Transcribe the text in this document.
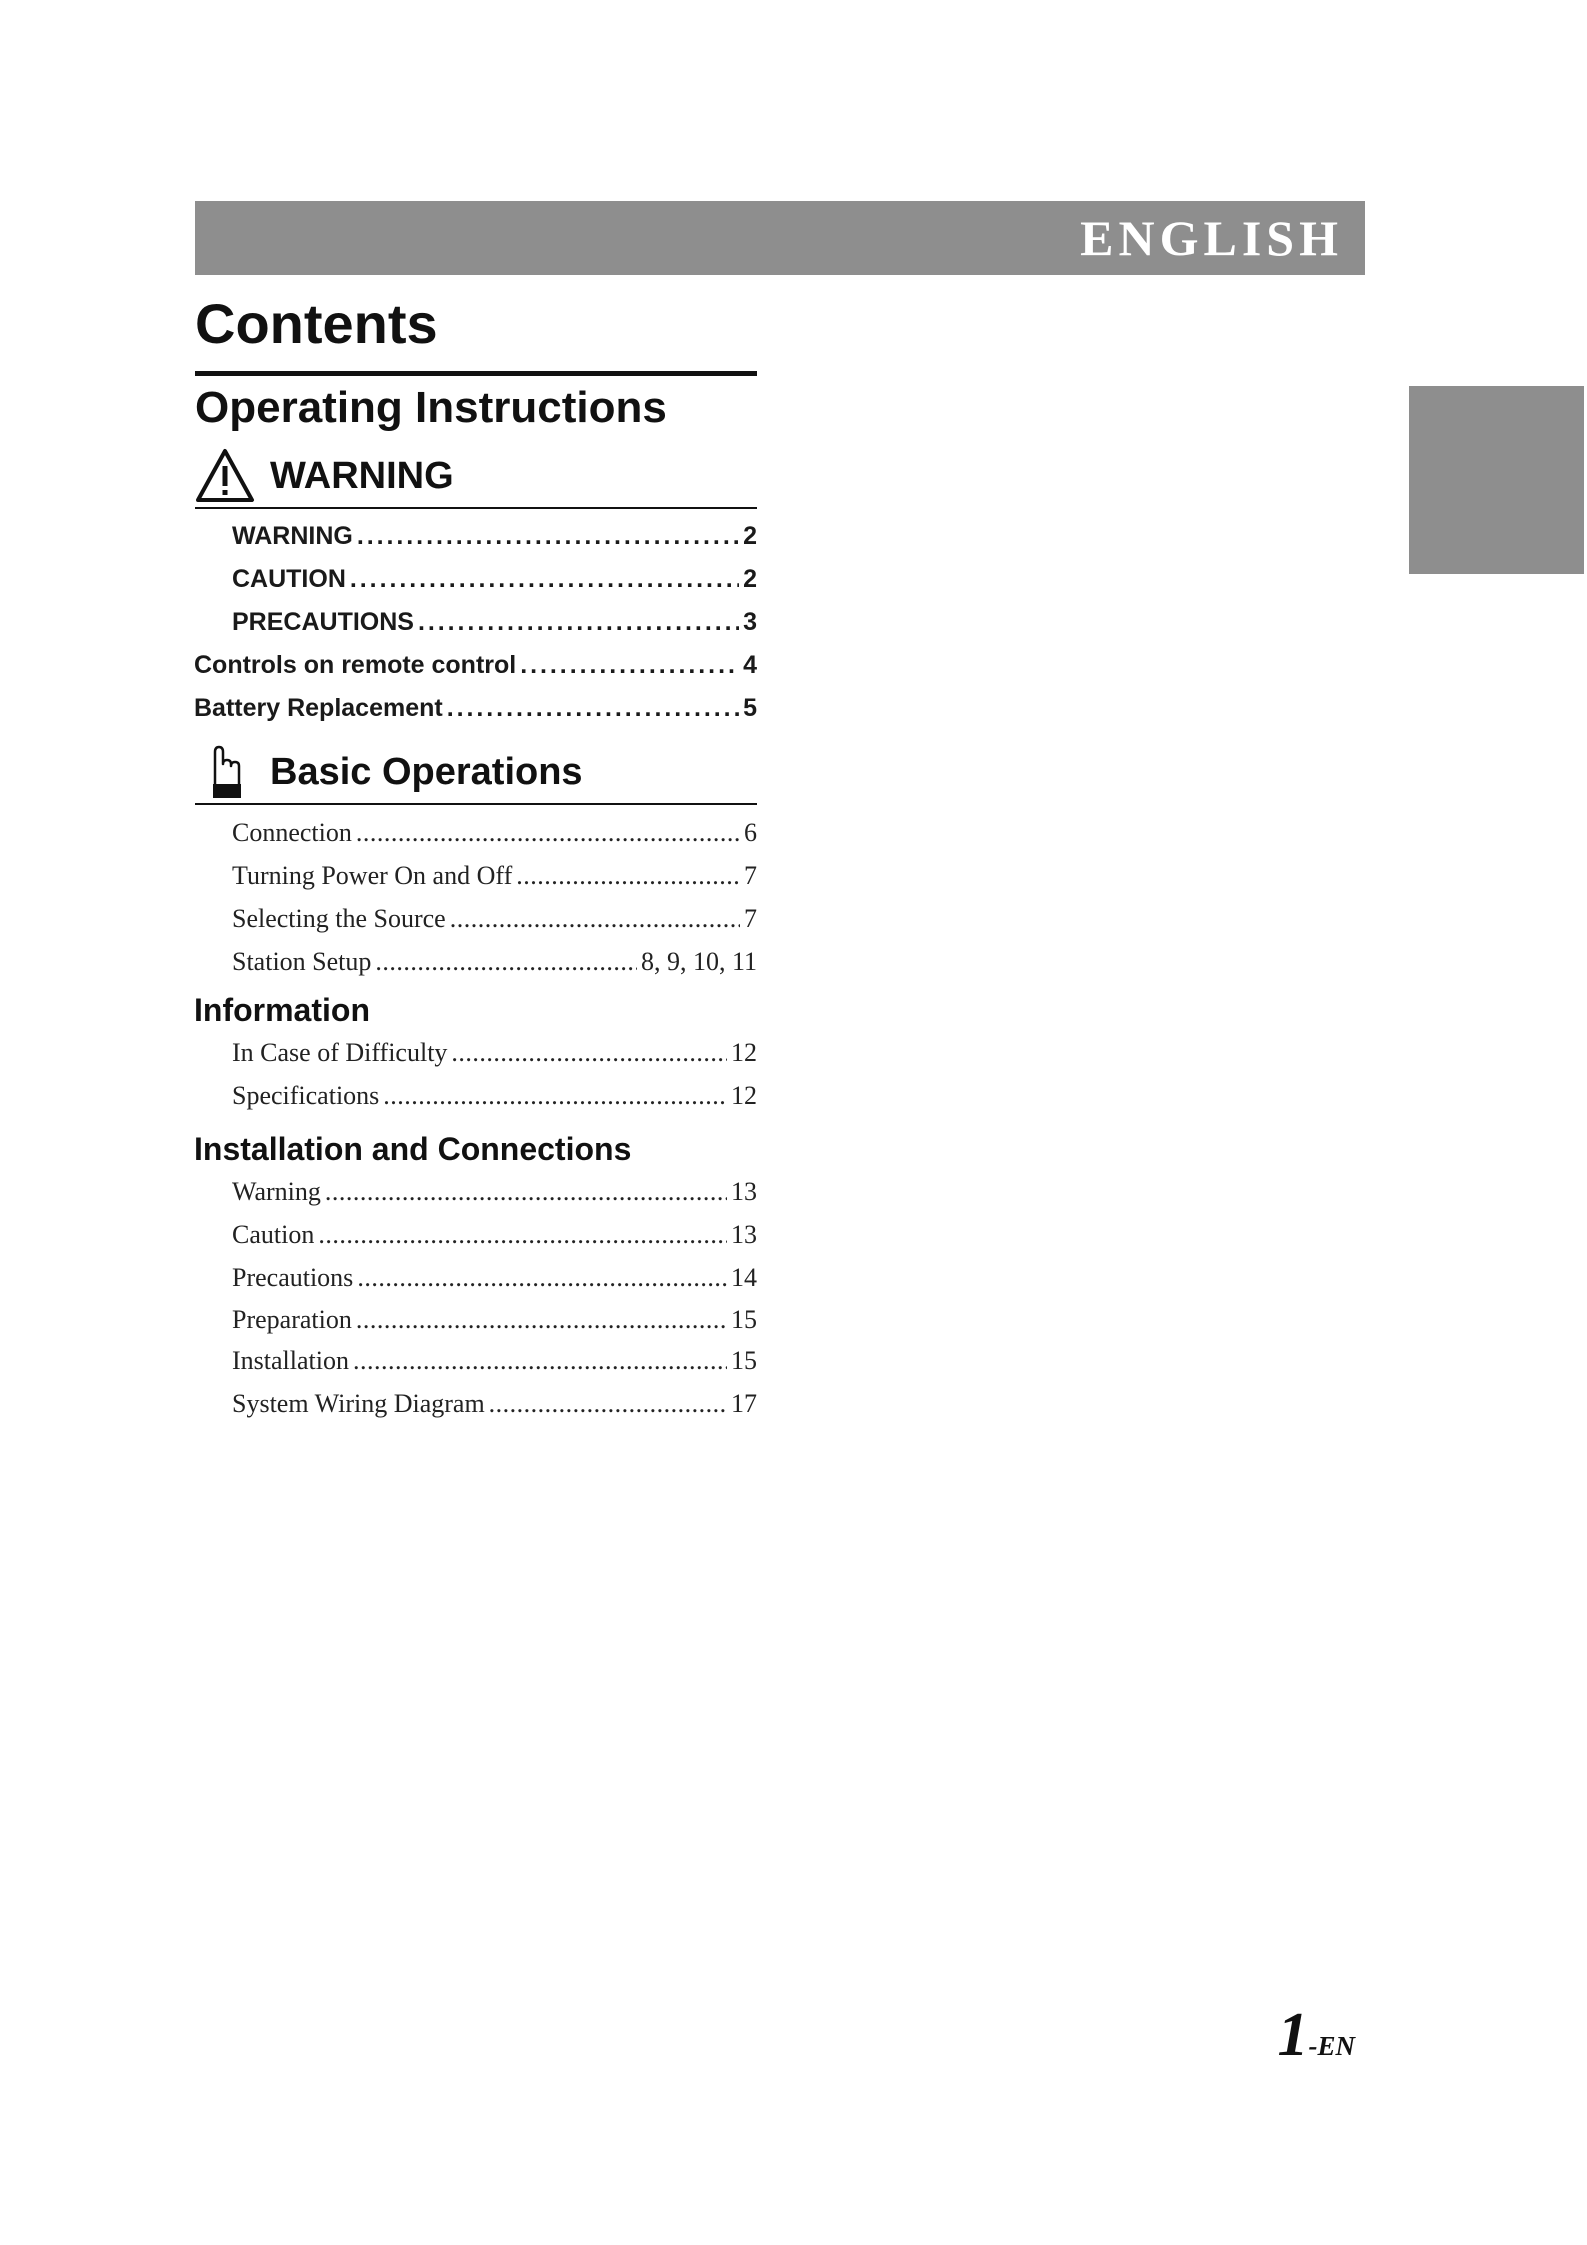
ENGLISH
Contents
Operating Instructions
WARNING
WARNING . . .	2
CAUTION . . .	2
PRECAUTIONS . . .	3
Controls on remote control . . .	4
Battery Replacement . . .	5
Basic Operations
Connection . . .	6
Turning Power On and Off . . .	7
Selecting the Source . . .	7
Station Setup . . .	8, 9, 10, 11
Information
In Case of Difficulty . . .	12
Specifications . . .	12
Installation and Connections
Warning . . .	13
Caution . . .	13
Precautions . . .	14
Preparation . . .	15
Installation . . .	15
System Wiring Diagram . . .	17
1 -EN
